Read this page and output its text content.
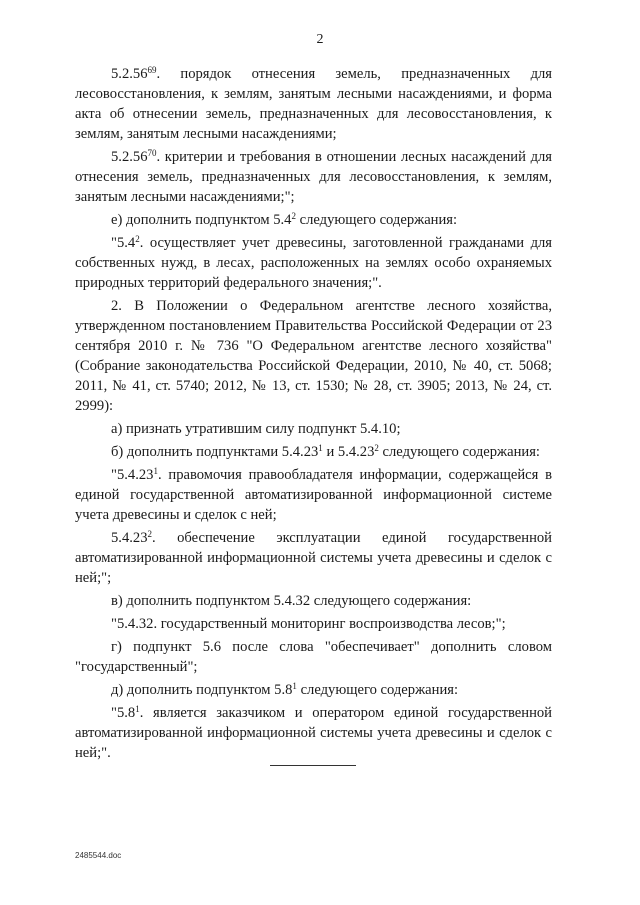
2

5.2.56$^{69}$. порядок отнесения земель, предназначенных для лесовосстановления, к землям, занятым лесными насаждениями, и форма акта об отнесении земель, предназначенных для лесовосстановления, к землям, занятым лесными насаждениями;

5.2.56$^{70}$. критерии и требования в отношении лесных насаждений для отнесения земель, предназначенных для лесовосстановления, к землям, занятым лесными насаждениями;";

е) дополнить подпунктом $5.4^2$ следующего содержания:

"$5.4^2$. осуществляет учет древесины, заготовленной гражданами для собственных нужд, в лесах, расположенных на землях особо охраняемых природных территорий федерального значения;".

2. В Положении о Федеральном агентстве лесного хозяйства, утвержденном постановлением Правительства Российской Федерации от 23 сентября 2010 г. № 736 "О Федеральном агентстве лесного хозяйства" (Собрание законодательства Российской Федерации, 2010, № 40, ст. 5068; 2011, № 41, ст. 5740; 2012, № 13, ст. 1530; № 28, ст. 3905; 2013, № 24, ст. 2999):

а) признать утратившим силу подпункт 5.4.10;

б) дополнить подпунктами 5.4.23$^1$ и 5.4.23$^2$ следующего содержания:

"5.4.23$^1$. правомочия правообладателя информации, содержащейся в единой государственной автоматизированной информационной системе учета древесины и сделок с ней;

5.4.23$^2$. обеспечение эксплуатации единой государственной автоматизированной информационной системы учета древесины и сделок с ней;";

в) дополнить подпунктом 5.4.32 следующего содержания:

"5.4.32. государственный мониторинг воспроизводства лесов;";

г) подпункт 5.6 после слова "обеспечивает" дополнить словом "государственный";

д) дополнить подпунктом $5.8^1$ следующего содержания:

"$5.8^1$. является заказчиком и оператором единой государственной автоматизированной информационной системы учета древесины и сделок с ней;".

2485544.doc
